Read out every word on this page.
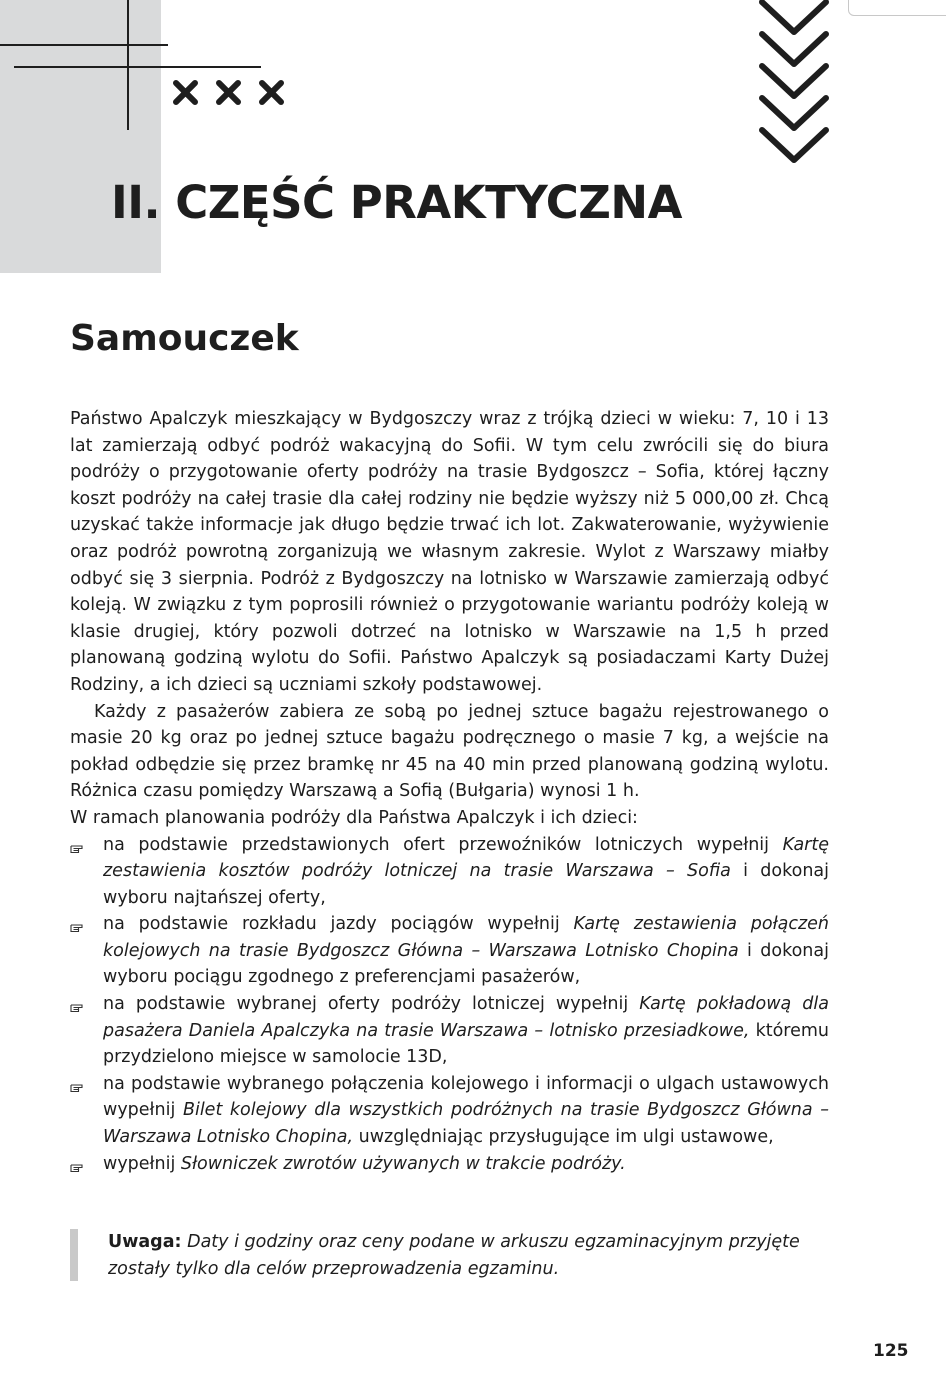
II. CZĘŚĆ PRAKTYCZNA
Samouczek

Państwo Apalczyk mieszkający w Bydgoszczy wraz z trójką dzieci w wieku: 7, 10 i 13 lat zamierzają odbyć podróż wakacyjną do Sofii. W tym celu zwrócili się do biura podróży o przygotowanie oferty podróży na trasie Bydgoszcz – Sofia, której łączny koszt podróży na całej trasie dla całej rodziny nie będzie wyższy niż 5 000,00 zł. Chcą uzyskać także informacje jak długo będzie trwać ich lot. Zakwaterowanie, wyżywienie oraz podróż powrotną zorganizują we własnym zakresie. Wylot z Warszawy miałby odbyć się 3 sierpnia. Podróż z Bydgoszczy na lotnisko w Warszawie zamierzają odbyć koleją. W związku z tym poprosili również o przygotowanie wariantu podróży koleją w klasie drugiej, który pozwoli dotrzeć na lotnisko w Warszawie na 1,5 h przed planowaną godziną wylotu do Sofii. Państwo Apalczyk są posiadaczami Karty Dużej Rodziny, a ich dzieci są uczniami szkoły podstawowej.

Każdy z pasażerów zabiera ze sobą po jednej sztuce bagażu rejestrowanego o masie 20 kg oraz po jednej sztuce bagażu podręcznego o masie 7 kg, a wejście na pokład odbędzie się przez bramkę nr 45 na 40 min przed planowaną godziną wylotu. Różnica czasu pomiędzy Warszawą a Sofią (Bułgaria) wynosi 1 h.

W ramach planowania podróży dla Państwa Apalczyk i ich dzieci:

na podstawie przedstawionych ofert przewoźników lotniczych wypełnij Kartę zestawienia kosztów podróży lotniczej na trasie Warszawa – Sofia i dokonaj wyboru najtańszej oferty,
na podstawie rozkładu jazdy pociągów wypełnij Kartę zestawienia połączeń kolejowych na trasie Bydgoszcz Główna – Warszawa Lotnisko Chopina i dokonaj wyboru pociągu zgodnego z preferencjami pasażerów,
na podstawie wybranej oferty podróży lotniczej wypełnij Kartę pokładową dla pasażera Daniela Apalczyka na trasie Warszawa – lotnisko przesiadkowe, któremu przydzielono miejsce w samolocie 13D,
na podstawie wybranego połączenia kolejowego i informacji o ulgach ustawowych wypełnij Bilet kolejowy dla wszystkich podróżnych na trasie Bydgoszcz Główna – Warszawa Lotnisko Chopina, uwzględniając przysługujące im ulgi ustawowe,
wypełnij Słowniczek zwrotów używanych w trakcie podróży.
Uwaga: Daty i godziny oraz ceny podane w arkuszu egzaminacyjnym przyjęte zostały tylko dla celów przeprowadzenia egzaminu.
125
